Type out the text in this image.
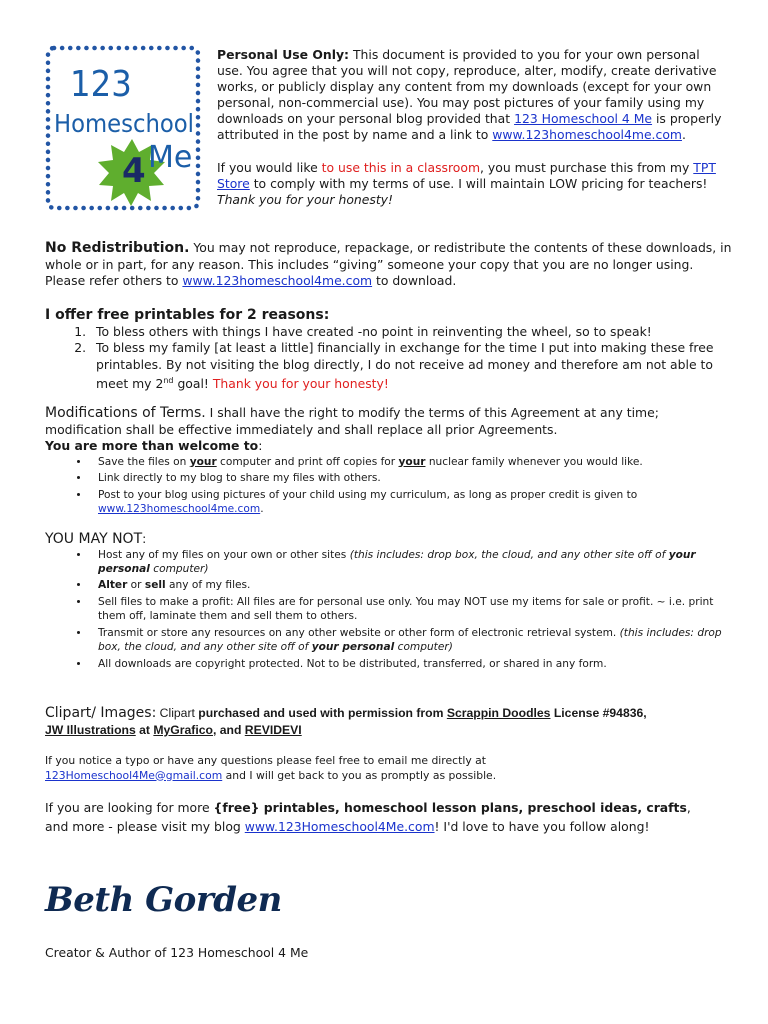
123
Homeschool
4 Me

Personal Use Only: This document is provided to you for your own personal use. You agree that you will not copy, reproduce, alter, modify, create derivative works, or publicly display any content from my downloads (except for your own personal, non-commercial use). You may post pictures of your family using my downloads on your personal blog provided that 123 Homeschool 4 Me is properly attributed in the post by name and a link to www.123homeschool4me.com.

If you would like to use this in a classroom, you must purchase this from my TPT Store to comply with my terms of use. I will maintain LOW pricing for teachers! Thank you for your honesty!

No Redistribution. You may not reproduce, repackage, or redistribute the contents of these downloads, in whole or in part, for any reason. This includes “giving” someone your copy that you are no longer using. Please refer others to www.123homeschool4me.com to download.

I offer free printables for 2 reasons:

1. To bless others with things I have created -no point in reinventing the wheel, so to speak!
2. To bless my family [at least a little] financially in exchange for the time I put into making these free printables. By not visiting the blog directly, I do not receive ad money and therefore am not able to meet my 2nd goal! Thank you for your honesty!

Modifications of Terms. I shall have the right to modify the terms of this Agreement at any time; modification shall be effective immediately and shall replace all prior Agreements.

You are more than welcome to:

• Save the files on your computer and print off copies for your nuclear family whenever you would like.
• Link directly to my blog to share my files with others.
• Post to your blog using pictures of your child using my curriculum, as long as proper credit is given to www.123homeschool4me.com.

YOU MAY NOT:

• Host any of my files on your own or other sites (this includes: drop box, the cloud, and any other site off of your personal computer)
• Alter or sell any of my files.
• Sell files to make a profit: All files are for personal use only. You may NOT use my items for sale or profit. ~ i.e. print them off, laminate them and sell them to others.
• Transmit or store any resources on any other website or other form of electronic retrieval system. (this includes: drop box, the cloud, and any other site off of your personal computer)
• All downloads are copyright protected. Not to be distributed, transferred, or shared in any form.

Clipart/ Images: Clipart purchased and used with permission from Scrappin Doodles License #94836,
JW Illustrations at MyGrafico, and REVIDEVI

If you notice a typo or have any questions please feel free to email me directly at
123Homeschool4Me@gmail.com and I will get back to you as promptly as possible.

If you are looking for more {free} printables, homeschool lesson plans, preschool ideas, crafts,
and more - please visit my blog www.123Homeschool4Me.com! I'd love to have you follow along!

Beth Gorden
Creator & Author of 123 Homeschool 4 Me
